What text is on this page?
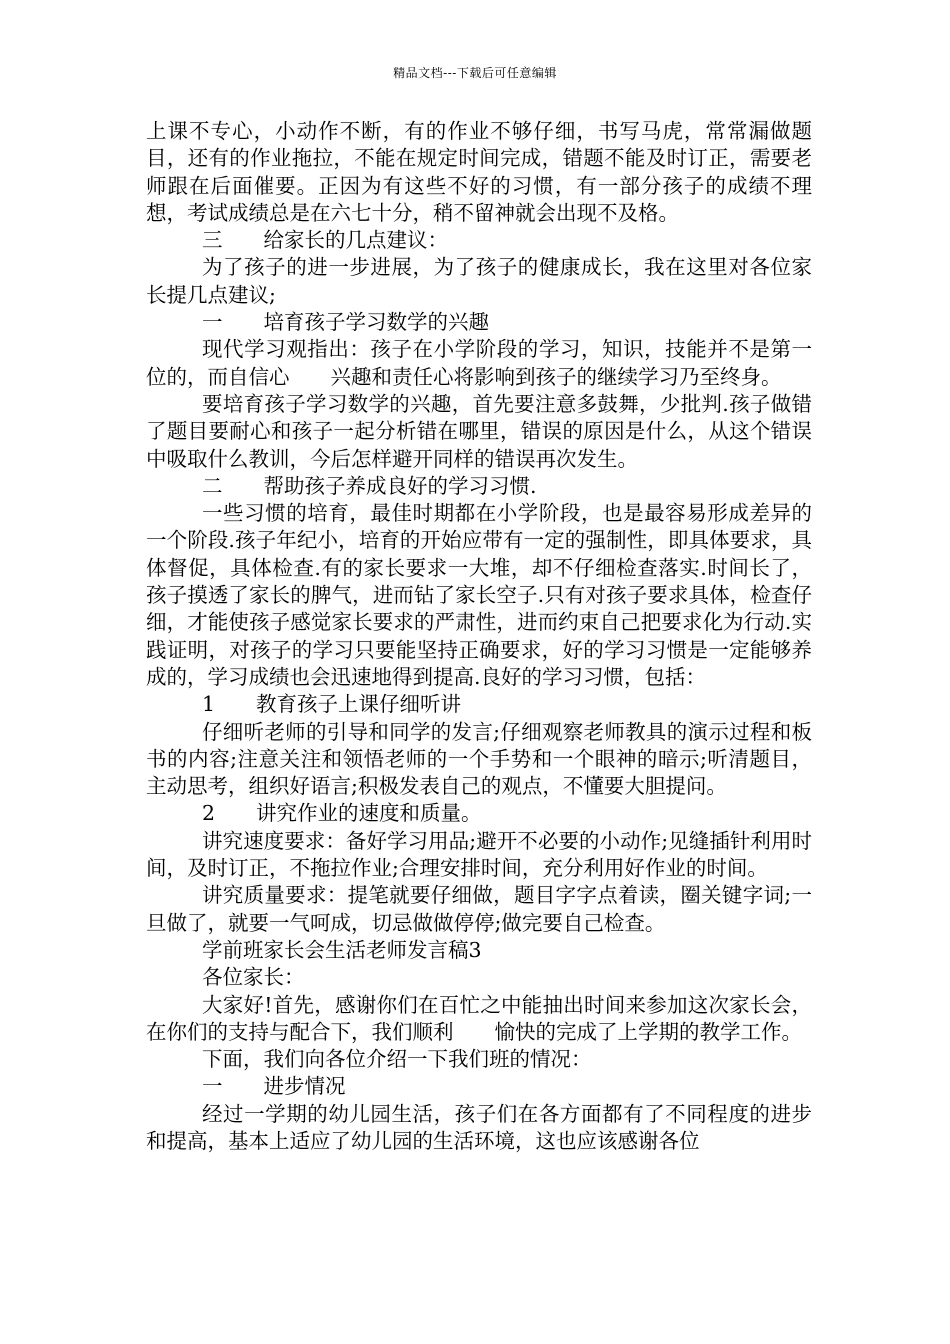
精品文档---下载后可任意编辑

上课不专心，小动作不断，有的作业不够仔细，书写马虎，常常漏做题目，还有的作业拖拉，不能在规定时间完成，错题不能及时订正，需要老师跟在后面催要。正因为有这些不好的习惯，有一部分孩子的成绩不理想，考试成绩总是在六七十分，稍不留神就会出现不及格。

三　　给家长的几点建议：

为了孩子的进一步进展，为了孩子的健康成长，我在这里对各位家长提几点建议;

一　　培育孩子学习数学的兴趣

现代学习观指出：孩子在小学阶段的学习，知识，技能并不是第一位的，而自信心　　兴趣和责任心将影响到孩子的继续学习乃至终身。

要培育孩子学习数学的兴趣，首先要注意多鼓舞，少批判.孩子做错了题目要耐心和孩子一起分析错在哪里，错误的原因是什么，从这个错误中吸取什么教训，今后怎样避开同样的错误再次发生。

二　　帮助孩子养成良好的学习习惯.

一些习惯的培育，最佳时期都在小学阶段，也是最容易形成差异的一个阶段.孩子年纪小，培育的开始应带有一定的强制性，即具体要求，具体督促，具体检查.有的家长要求一大堆，却不仔细检查落实.时间长了，孩子摸透了家长的脾气，进而钻了家长空子.只有对孩子要求具体，检查仔细，才能使孩子感觉家长要求的严肃性，进而约束自己把要求化为行动.实践证明，对孩子的学习只要能坚持正确要求，好的学习习惯是一定能够养成的，学习成绩也会迅速地得到提高.良好的学习习惯，包括：

1　　教育孩子上课仔细听讲

仔细听老师的引导和同学的发言;仔细观察老师教具的演示过程和板书的内容;注意关注和领悟老师的一个手势和一个眼神的暗示;听清题目，主动思考，组织好语言;积极发表自己的观点，不懂要大胆提问。

2　　讲究作业的速度和质量。

讲究速度要求：备好学习用品;避开不必要的小动作;见缝插针利用时间，及时订正，不拖拉作业;合理安排时间，充分利用好作业的时间。

讲究质量要求：提笔就要仔细做，题目字字点着读，圈关键字词;一旦做了，就要一气呵成，切忌做做停停;做完要自己检查。

学前班家长会生活老师发言稿3

各位家长：

大家好!首先，感谢你们在百忙之中能抽出时间来参加这次家长会，在你们的支持与配合下，我们顺利　　愉快的完成了上学期的教学工作。

下面，我们向各位介绍一下我们班的情况：

一　　进步情况

经过一学期的幼儿园生活，孩子们在各方面都有了不同程度的进步和提高，基本上适应了幼儿园的生活环境，这也应该感谢各位
